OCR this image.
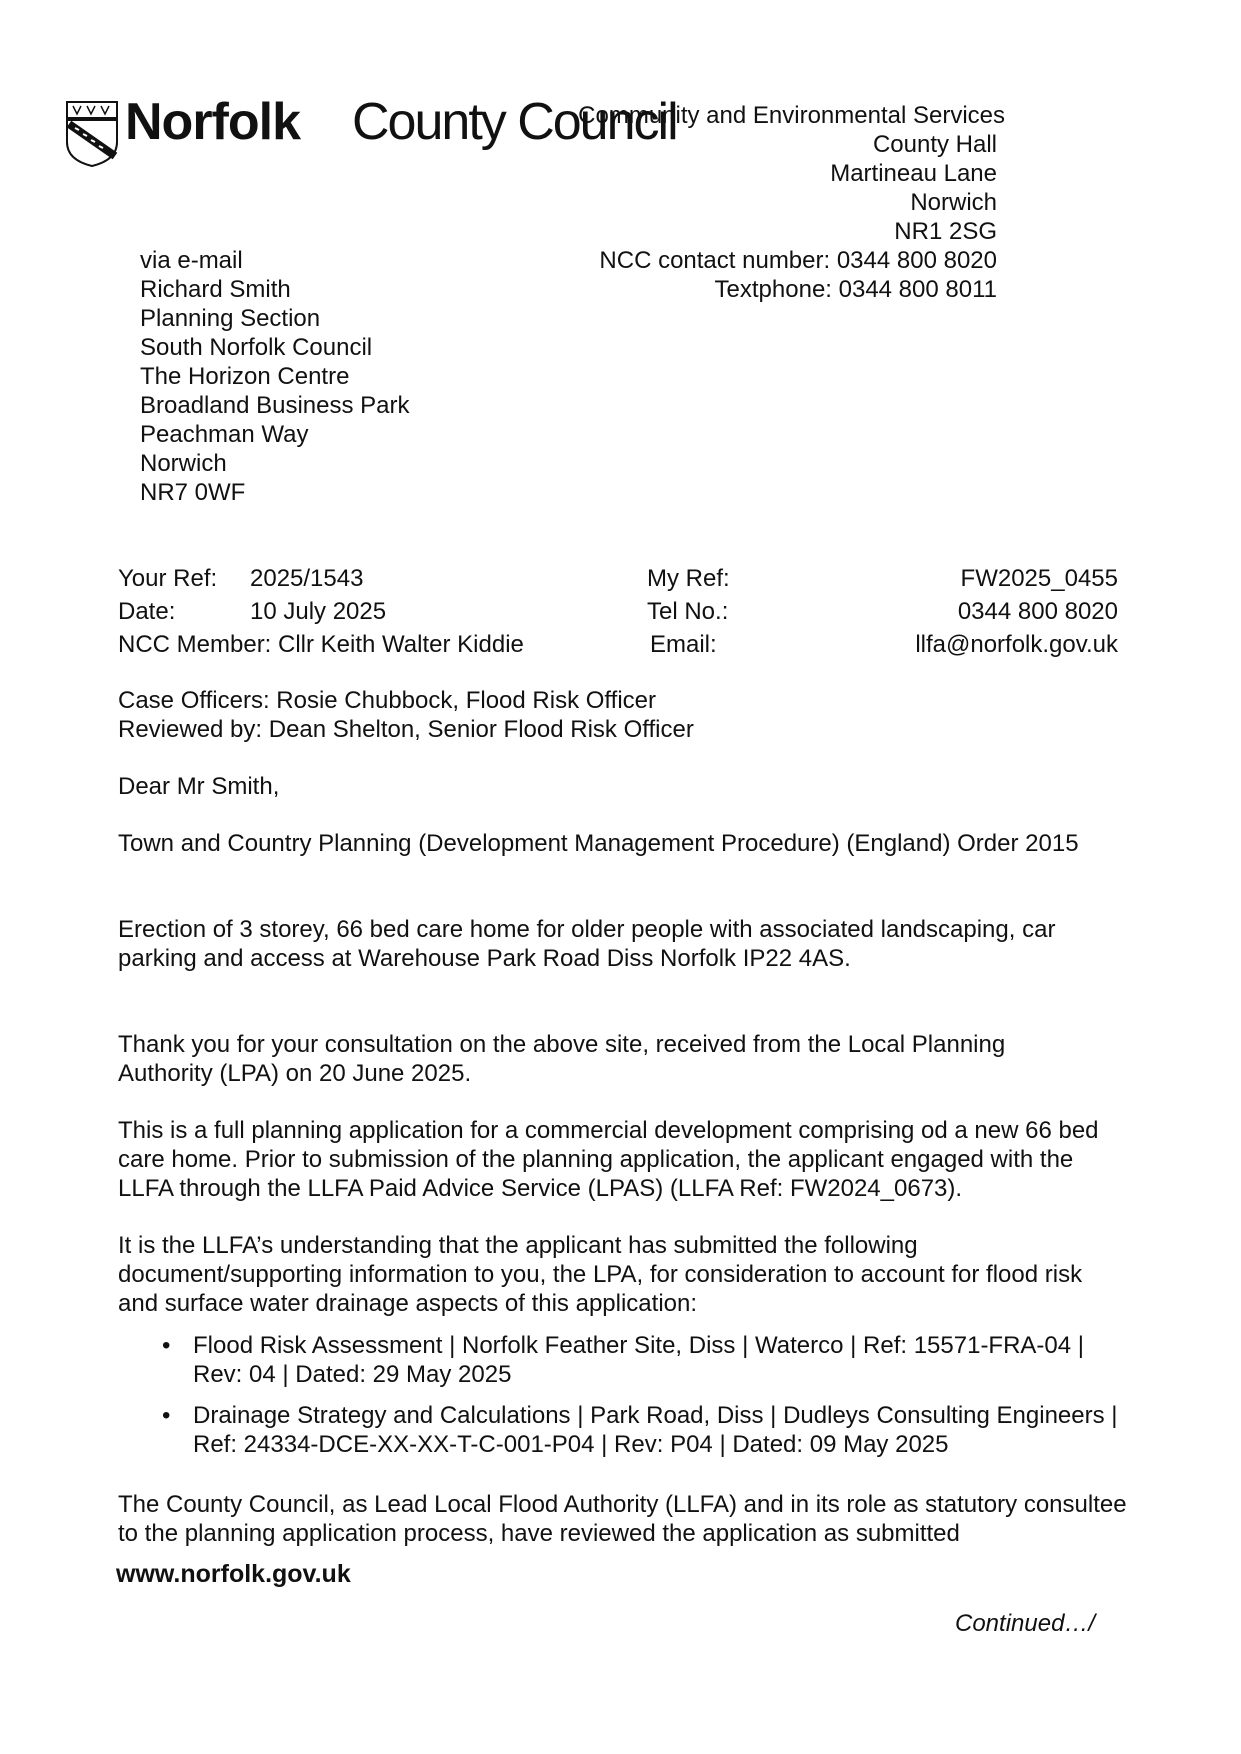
Norfolk County Council
Community and Environmental Services
County Hall
Martineau Lane
Norwich
NR1 2SG
NCC contact number: 0344 800 8020
Textphone: 0344 800 8011
via e-mail
Richard Smith
Planning Section
South Norfolk Council
The Horizon Centre
Broadland Business Park
Peachman Way
Norwich
NR7 0WF
Your Ref: 2025/1543
Date:	10 July 2025
NCC Member: Cllr Keith Walter Kiddie
My Ref:
Tel No.:
Email:
FW2025_0455
0344 800 8020
llfa@norfolk.gov.uk
Case Officers: Rosie Chubbock, Flood Risk Officer
Reviewed by: Dean Shelton, Senior Flood Risk Officer
Dear Mr Smith,

Town and Country Planning (Development Management Procedure) (England) Order 2015

Erection of 3 storey, 66 bed care home for older people with associated landscaping, car parking and access at Warehouse Park Road Diss Norfolk IP22 4AS.

Thank you for your consultation on the above site, received from the Local Planning Authority (LPA) on 20 June 2025.

This is a full planning application for a commercial development comprising od a new 66 bed care home. Prior to submission of the planning application, the applicant engaged with the LLFA through the LLFA Paid Advice Service (LPAS) (LLFA Ref: FW2024_0673).

It is the LLFA’s understanding that the applicant has submitted the following document/supporting information to you, the LPA, for consideration to account for flood risk and surface water drainage aspects of this application:

• Flood Risk Assessment | Norfolk Feather Site, Diss | Waterco | Ref: 15571-FRA-04 | Rev: 04 | Dated: 29 May 2025
• Drainage Strategy and Calculations | Park Road, Diss | Dudleys Consulting Engineers | Ref: 24334-DCE-XX-XX-T-C-001-P04 | Rev: P04 | Dated: 09 May 2025

The County Council, as Lead Local Flood Authority (LLFA) and in its role as statutory consultee to the planning application process, have reviewed the application as submitted

www.norfolk.gov.uk
Continued…/
